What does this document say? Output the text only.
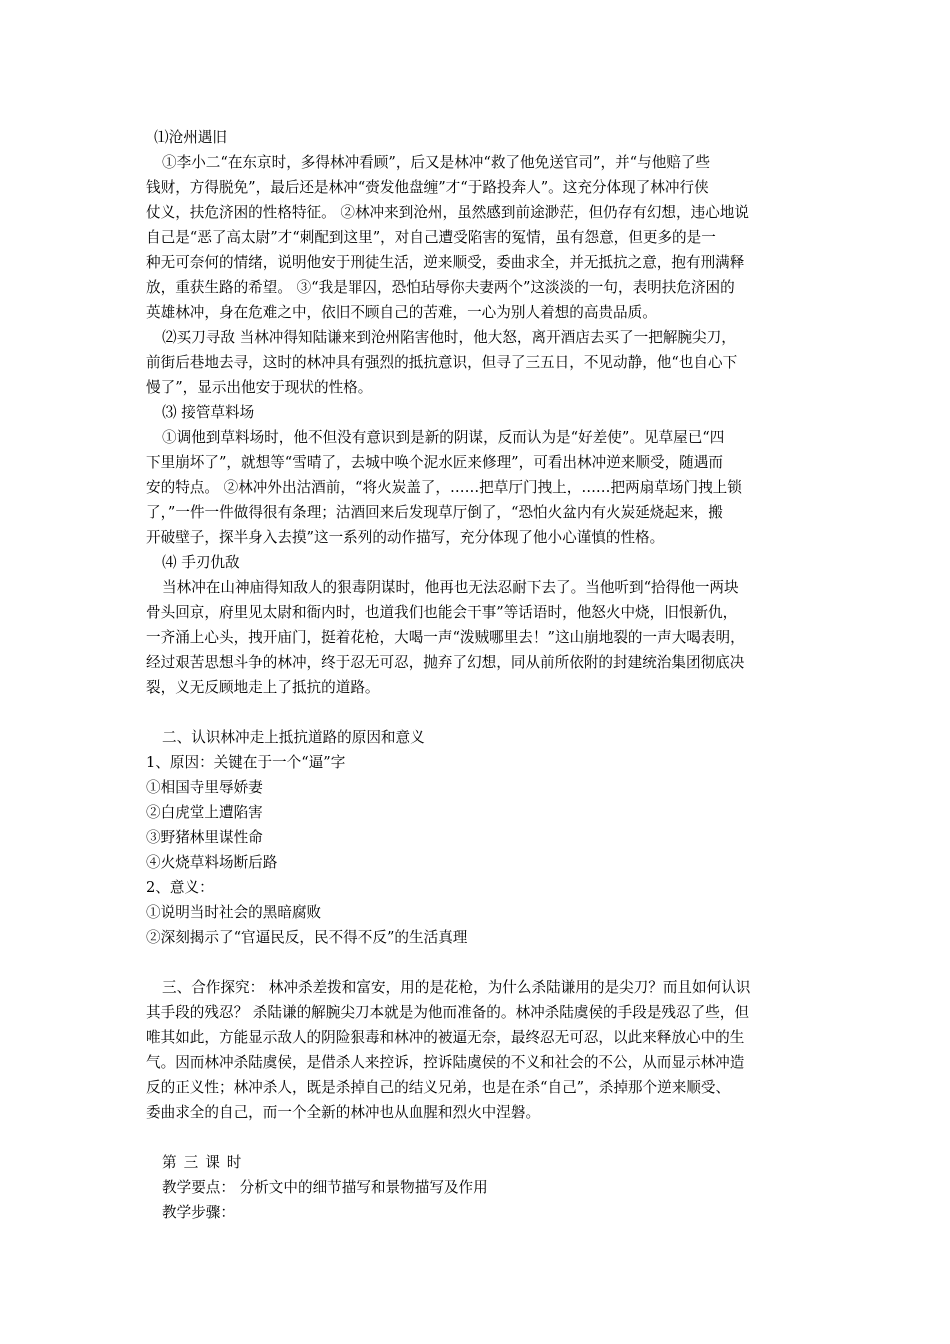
⑴沧州遇旧
①李小二“在东京时，多得林冲看顾”，后又是林冲“救了他免送官司”，并“与他赔了些
钱财，方得脱免”，最后还是林冲“赍发他盘缠”才“于路投奔人”。这充分体现了林冲行侠
仗义，扶危济困的性格特征。 ②林冲来到沧州，虽然感到前途渺茫，但仍存有幻想，违心地说
自己是“恶了高太尉”才“刺配到这里”，对自己遭受陷害的冤情，虽有怨意，但更多的是一
种无可奈何的情绪，说明他安于刑徒生活，逆来顺受，委曲求全，并无抵抗之意，抱有刑满释
放，重获生路的希望。 ③“我是罪囚，恐怕玷辱你夫妻两个”这淡淡的一句，表明扶危济困的
英雄林冲，身在危难之中，依旧不顾自己的苦难，一心为别人着想的高贵品质。
⑵买刀寻敌 当林冲得知陆谦来到沧州陷害他时，他大怒，离开酒店去买了一把解腕尖刀，
前街后巷地去寻，这时的林冲具有强烈的抵抗意识，但寻了三五日，不见动静，他“也自心下
慢了”，显示出他安于现状的性格。
⑶ 接管草料场
①调他到草料场时，他不但没有意识到是新的阴谋，反而认为是“好差使”。见草屋已“四
下里崩坏了”，就想等“雪晴了，去城中唤个泥水匠来修理”，可看出林冲逆来顺受，随遇而
安的特点。 ②林冲外出沽酒前，“将火炭盖了，……把草厅门拽上，……把两扇草场门拽上锁
了，”一件一件做得很有条理；沽酒回来后发现草厅倒了，“恐怕火盆内有火炭延烧起来，搬
开破壁子，探半身入去摸”这一系列的动作描写，充分体现了他小心谨慎的性格。
⑷ 手刃仇敌
当林冲在山神庙得知敌人的狠毒阴谋时，他再也无法忍耐下去了。当他听到“拾得他一两块
骨头回京，府里见太尉和衙内时，也道我们也能会干事”等话语时，他怒火中烧，旧恨新仇，
一齐涌上心头，拽开庙门，挺着花枪，大喝一声“泼贼哪里去！”这山崩地裂的一声大喝表明，
经过艰苦思想斗争的林冲，终于忍无可忍，抛弃了幻想，同从前所依附的封建统治集团彻底决
裂，义无反顾地走上了抵抗的道路。
二、认识林冲走上抵抗道路的原因和意义
1、原因：关键在于一个“逼”字
①相国寺里辱娇妻
②白虎堂上遭陷害
③野猪林里谋性命
④火烧草料场断后路
2、意义：
①说明当时社会的黑暗腐败
②深刻揭示了“官逼民反，民不得不反”的生活真理
三、合作探究： 林冲杀差拨和富安，用的是花枪，为什么杀陆谦用的是尖刀？而且如何认识
其手段的残忍？ 杀陆谦的解腕尖刀本就是为他而准备的。林冲杀陆虞侯的手段是残忍了些，但
唯其如此，方能显示敌人的阴险狠毒和林冲的被逼无奈，最终忍无可忍，以此来释放心中的生
气。因而林冲杀陆虞侯，是借杀人来控诉，控诉陆虞侯的不义和社会的不公，从而显示林冲造
反的正义性；林冲杀人，既是杀掉自己的结义兄弟，也是在杀“自己”，杀掉那个逆来顺受、
委曲求全的自己，而一个全新的林冲也从血腥和烈火中涅磐。
第三课时
教学要点： 分析文中的细节描写和景物描写及作用
教学步骤：
